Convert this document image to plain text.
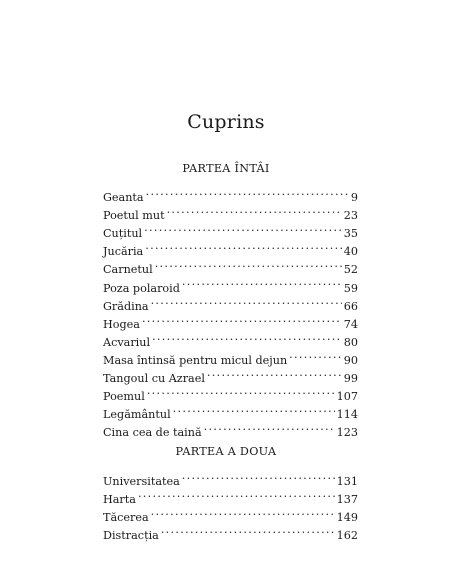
Cuprins
PARTEA ÎNTÂI
Geanta .....	9
Poetul mut .....	23
Cuțitul .....	35
Jucăria .....	40
Carnetul .....	52
Poza polaroid .....	59
Grădina .....	66
Hogea .....	74
Acvariul .....	80
Masa întinsă pentru micul dejun .....	90
Tangoul cu Azrael .....	99
Poemul .....	107
Legământul .....	114
Cina cea de taină .....	123
PARTEA A DOUA
Universitatea .....	131
Harta .....	137
Tăcerea .....	149
Distracția .....	162
